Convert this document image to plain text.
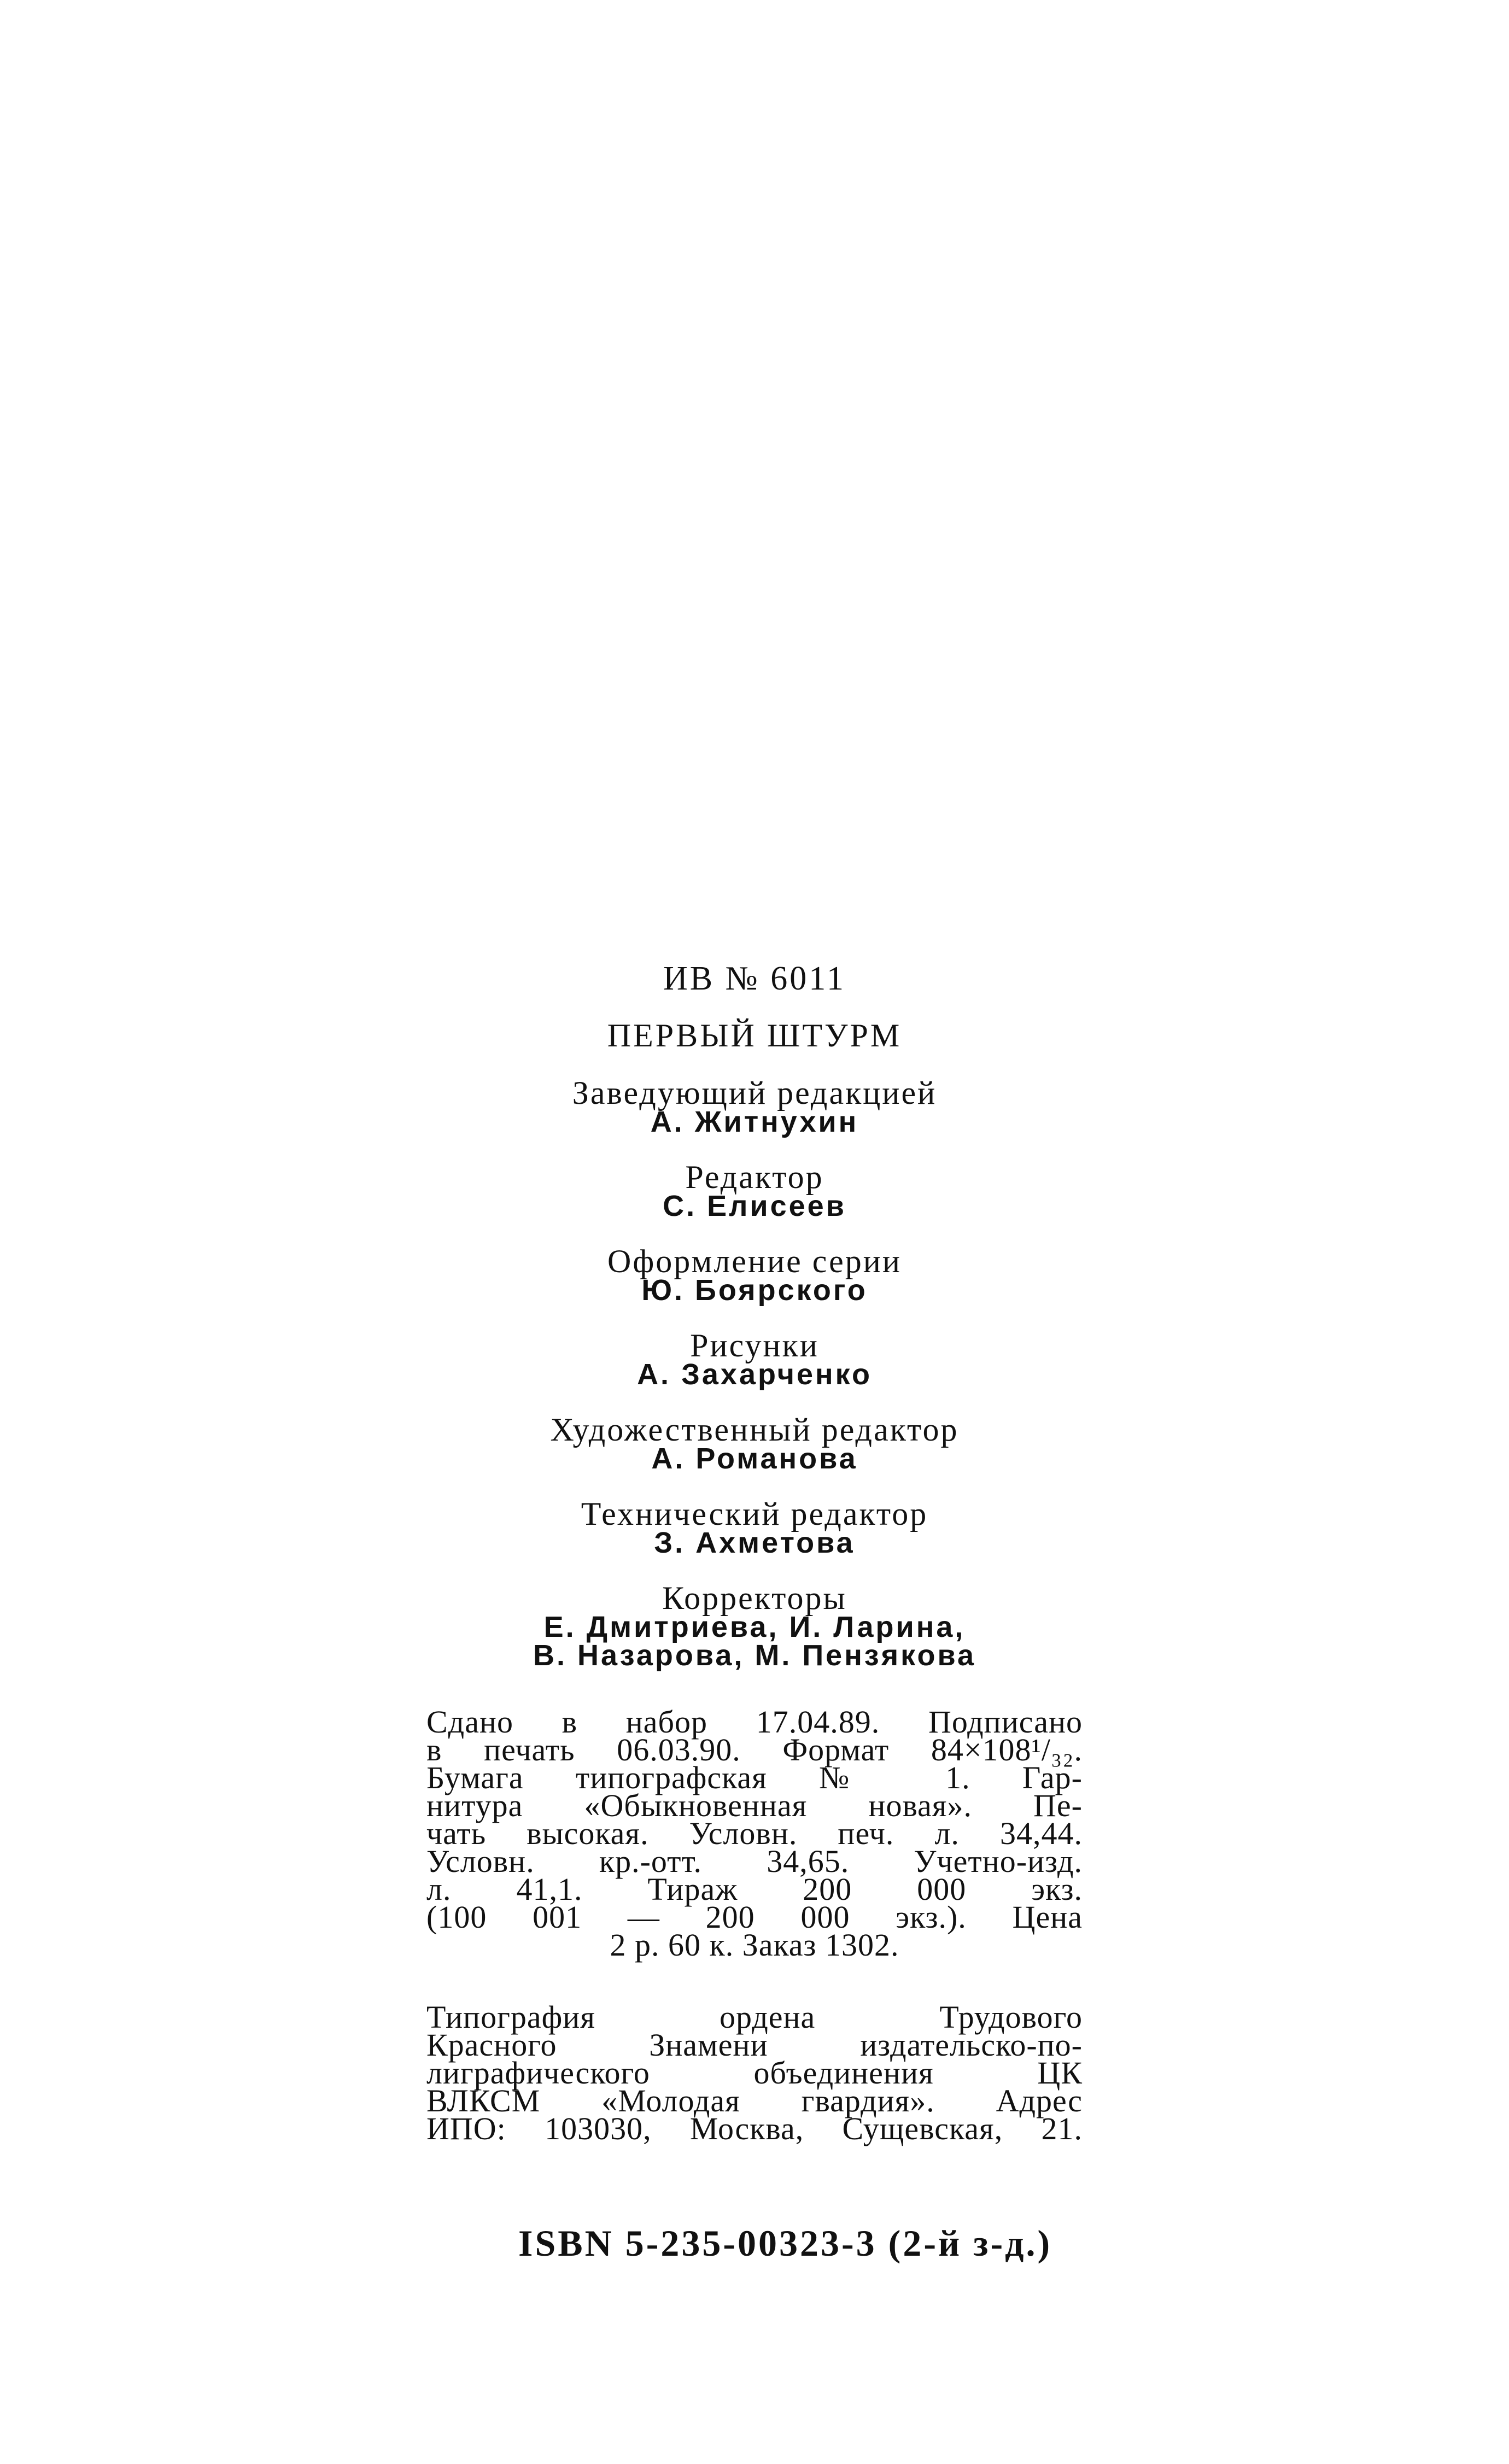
ИВ № 6011
ПЕРВЫЙ ШТУРМ
Заведующий редакцией
А. Житнухин
Редактор
С. Елисеев
Оформление серии
Ю. Боярского
Рисунки
А. Захарченко
Художественный редактор
А. Романова
Технический редактор
З. Ахметова
Корректоры
Е. Дмитриева, И. Ларина,
В. Назарова, М. Пензякова
Сдано в набор 17.04.89. Подписано
в печать 06.03.90. Формат 84×108¹/₃₂.
Бумага типографская № 1. Гар-
нитура «Обыкновенная новая». Пе-
чать высокая. Условн. печ. л. 34,44.
Условн. кр.-отт. 34,65. Учетно-изд.
л. 41,1. Тираж 200 000 экз.
(100 001 — 200 000 экз.). Цена
2 р. 60 к. Заказ 1302.
Типография ордена Трудового
Красного Знамени издательско-по-
лиграфического объединения ЦК
ВЛКСМ «Молодая гвардия». Адрес
ИПО: 103030, Москва, Сущевская, 21.
ISBN 5-235-00323-3 (2-й з-д.)
